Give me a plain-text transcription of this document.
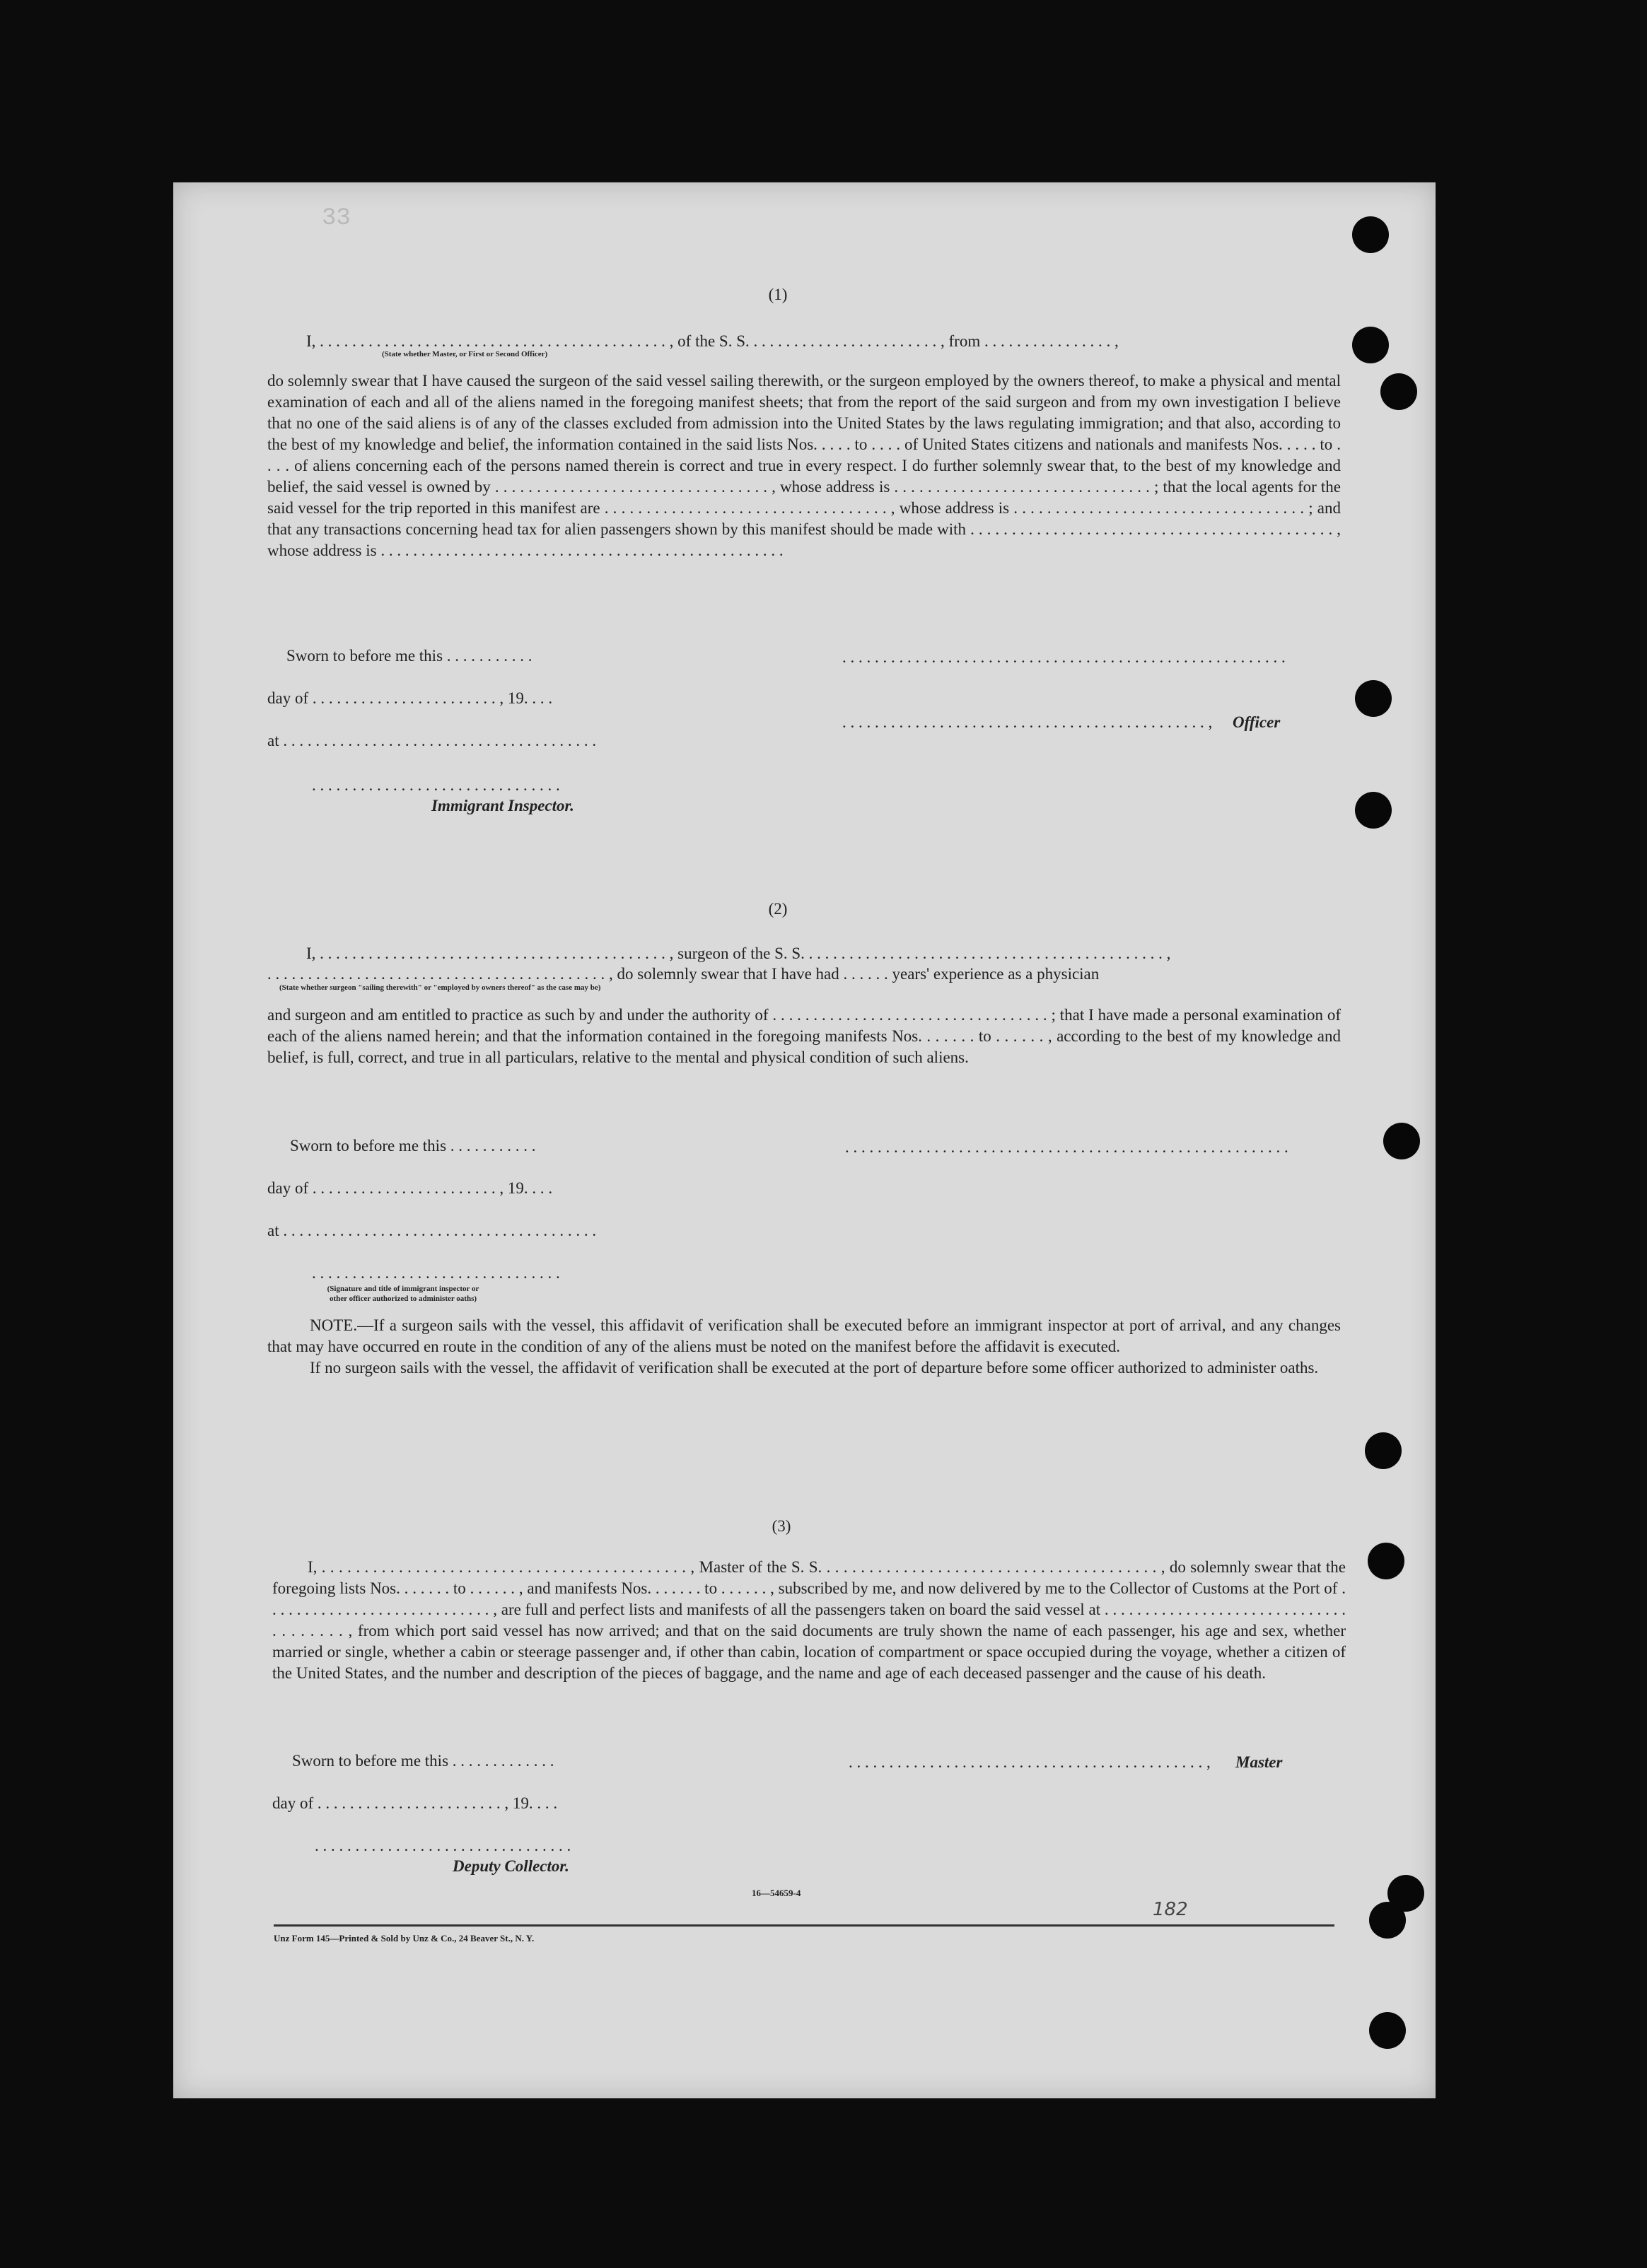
33
(1)
I, . . . . . . . . . . . . . . . . . . . . . . . . . . . . . . . . . . . . . . . . . . . , of the S. S. . . . . . . . . . . . . . . . . . . . . . . . , from . . . . . . . . . . . . . . . . ,
(State whether Master, or First or Second Officer)
do solemnly swear that I have caused the surgeon of the said vessel sailing therewith, or the surgeon employed by the owners thereof, to make a physical and mental examination of each and all of the aliens named in the foregoing manifest sheets; that from the report of the said surgeon and from my own investigation I believe that no one of the said aliens is of any of the classes excluded from admission into the United States by the laws regulating immigration; and that also, according to the best of my knowledge and belief, the information contained in the said lists Nos. . . . . to . . . . of United States citizens and nationals and manifests Nos. . . . . to . . . . of aliens concerning each of the persons named therein is correct and true in every respect. I do further solemnly swear that, to the best of my knowledge and belief, the said vessel is owned by . . . . . . . . . . . . . . . . . . . . . . . . . . . . . . . . . , whose address is . . . . . . . . . . . . . . . . . . . . . . . . . . . . . . . ; that the local agents for the said vessel for the trip reported in this manifest are . . . . . . . . . . . . . . . . . . . . . . . . . . . . . . . . . . , whose address is . . . . . . . . . . . . . . . . . . . . . . . . . . . . . . . . . . . ; and that any transactions concerning head tax for alien passengers shown by this manifest should be made with . . . . . . . . . . . . . . . . . . . . . . . . . . . . . . . . . . . . . . . . . . . . , whose address is . . . . . . . . . . . . . . . . . . . . . . . . . . . . . . . . . . . . . . . . . . . . . . . . . .
Sworn to before me this . . . . . . . . . . .	. . . . . . . . . . . . . . . . . . . . . . . . . . . . . . . . . . . . . . . . . . . . . . . . . . . . . . .
day of . . . . . . . . . . . . . . . . . . . . . . . , 19. . . .
. . . . . . . . . . . . . . . . . . . . . . . . . . . . . . . . . . . . . . . . . . . . . , Officer
at . . . . . . . . . . . . . . . . . . . . . . . . . . . . . . . . . . . . . . .
. . . . . . . . . . . . . . . . . . . . . . . . . . . . . . .
Immigrant Inspector.
(2)
I, . . . . . . . . . . . . . . . . . . . . . . . . . . . . . . . . . . . . . . . . . . . , surgeon of the S. S. . . . . . . . . . . . . . . . . . . . . . . . . . . . . . . . . . . . . . . . . . . . . ,
. . . . . . . . . . . . . . . . . . . . . . . . . . . . . . . . . . . . . . . . . . , do solemnly swear that I have had . . . . . . years' experience as a physician
(State whether surgeon "sailing therewith" or "employed by owners thereof" as the case may be)
and surgeon and am entitled to practice as such by and under the authority of . . . . . . . . . . . . . . . . . . . . . . . . . . . . . . . . . . ; that I have made a personal examination of each of the aliens named herein; and that the information contained in the foregoing manifests Nos. . . . . . . to . . . . . . , according to the best of my knowledge and belief, is full, correct, and true in all particulars, relative to the mental and physical condition of such aliens.
Sworn to before me this . . . . . . . . . . .	. . . . . . . . . . . . . . . . . . . . . . . . . . . . . . . . . . . . . . . . . . . . . . . . . . . . . . .
day of . . . . . . . . . . . . . . . . . . . . . . . , 19. . . .
at . . . . . . . . . . . . . . . . . . . . . . . . . . . . . . . . . . . . . . .
. . . . . . . . . . . . . . . . . . . . . . . . . . . . . . .
(Signature and title of immigrant inspector or other officer authorized to administer oaths)

NOTE.—If a surgeon sails with the vessel, this affidavit of verification shall be executed before an immigrant inspector at port of arrival, and any changes that may have occurred en route in the condition of any of the aliens must be noted on the manifest before the affidavit is executed.

If no surgeon sails with the vessel, the affidavit of verification shall be executed at the port of departure before some officer authorized to administer oaths.

(3)
I, . . . . . . . . . . . . . . . . . . . . . . . . . . . . . . . . . . . . . . . . . . . , Master of the S. S. . . . . . . . . . . . . . . . . . . . . . . . . . . . . . . . . . . . . . . . , do solemnly swear that the foregoing lists Nos. . . . . . . to . . . . . . , and manifests Nos. . . . . . . to . . . . . . , subscribed by me, and now delivered by me to the Collector of Customs at the Port of . . . . . . . . . . . . . . . . . . . . . . . . . . . . , are full and perfect lists and manifests of all the passengers taken on board the said vessel at . . . . . . . . . . . . . . . . . . . . . . . . . . . . . . . . . . . . . . , from which port said vessel has now arrived; and that on the said documents are truly shown the name of each passenger, his age and sex, whether married or single, whether a cabin or steerage passenger and, if other than cabin, location of compartment or space occupied during the voyage, whether a citizen of the United States, and the number and description of the pieces of baggage, and the name and age of each deceased passenger and the cause of his death.
Sworn to before me this . . . . . . . . . . . . .	. . . . . . . . . . . . . . . . . . . . . . . . . . . . . . . . . . . . . . . . . . . . , Master
day of . . . . . . . . . . . . . . . . . . . . . . . , 19. . . .
. . . . . . . . . . . . . . . . . . . . . . . . . . . . . . . .
Deputy Collector.
16—54659-4
182
Unz Form 145—Printed & Sold by Unz & Co., 24 Beaver St., N. Y.
